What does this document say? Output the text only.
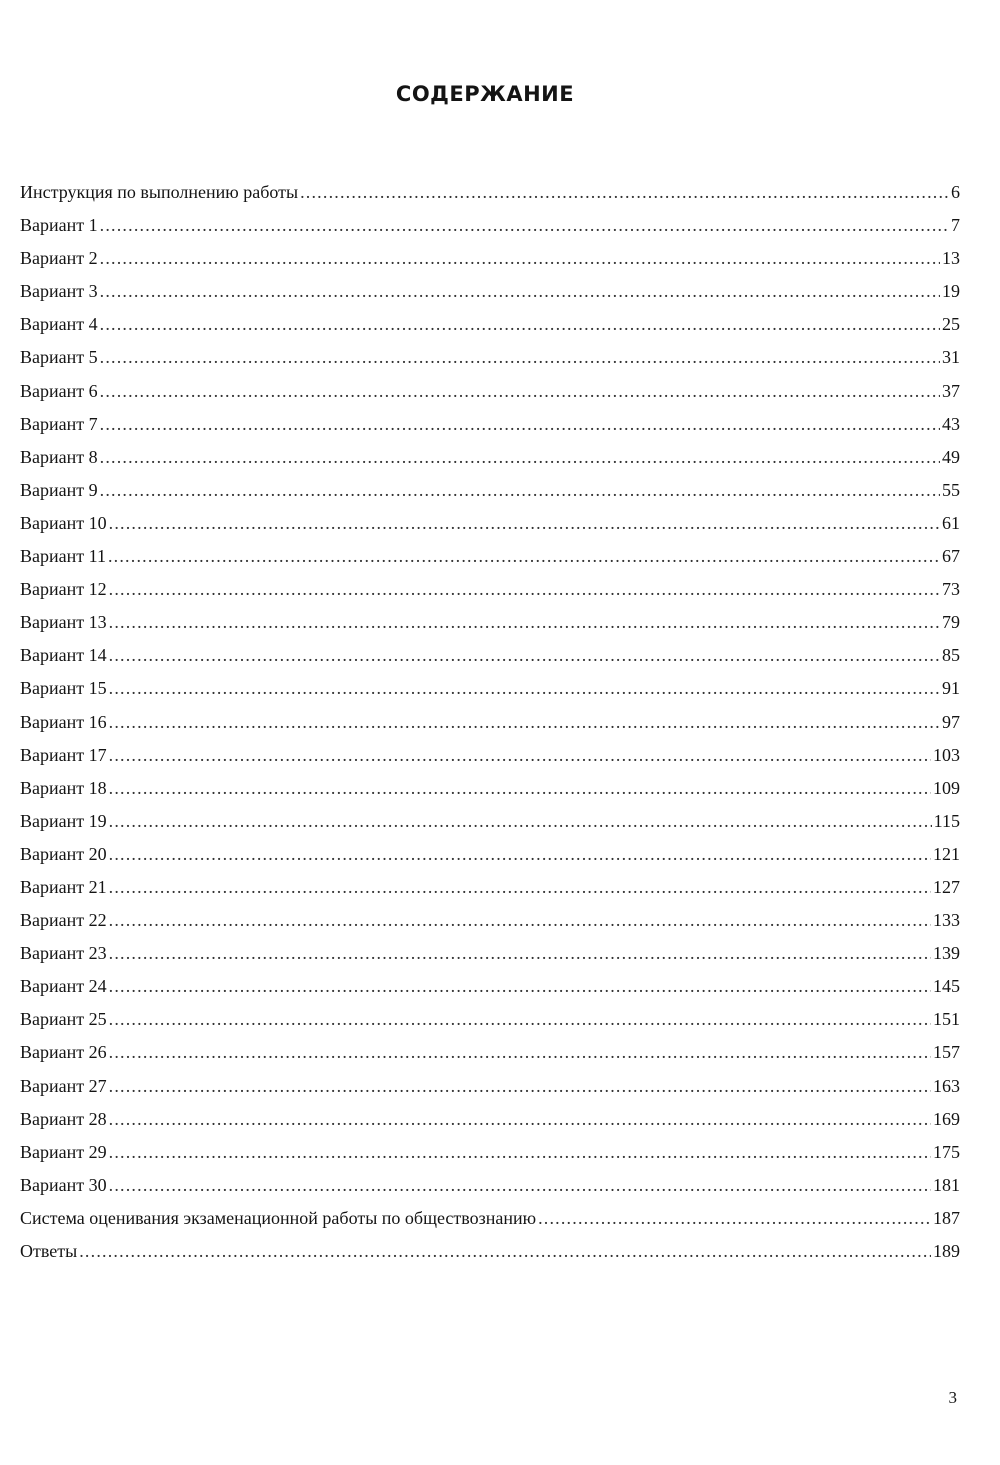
СОДЕРЖАНИЕ
Инструкция по выполнению работы .....	6
Вариант 1 .....	7
Вариант 2 .....	13
Вариант 3 .....	19
Вариант 4 .....	25
Вариант 5 .....	31
Вариант 6 .....	37
Вариант 7 .....	43
Вариант 8 .....	49
Вариант 9 .....	55
Вариант 10 .....	61
Вариант 11 .....	67
Вариант 12 .....	73
Вариант 13 .....	79
Вариант 14 .....	85
Вариант 15 .....	91
Вариант 16 .....	97
Вариант 17 .....	103
Вариант 18 .....	109
Вариант 19 .....	115
Вариант 20 .....	121
Вариант 21 .....	127
Вариант 22 .....	133
Вариант 23 .....	139
Вариант 24 .....	145
Вариант 25 .....	151
Вариант 26 .....	157
Вариант 27 .....	163
Вариант 28 .....	169
Вариант 29 .....	175
Вариант 30 .....	181
Система оценивания экзаменационной работы по обществознанию .....	187
Ответы .....	189
3
